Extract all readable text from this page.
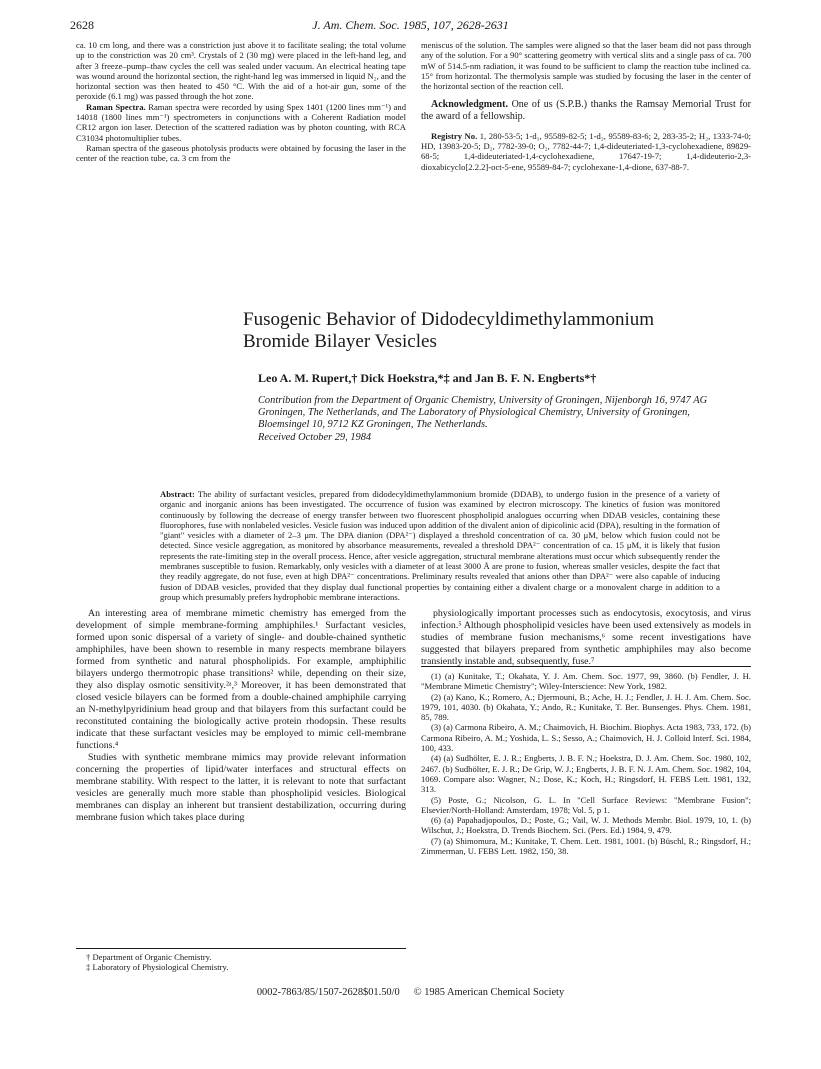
2628	J. Am. Chem. Soc. 1985, 107, 2628-2631

ca. 10 cm long, and there was a constriction just above it to facilitate sealing; the total volume up to the constriction was 20 cm³. Crystals of 2 (30 mg) were placed in the left-hand leg, and after 3 freeze–pump–thaw cycles the cell was sealed under vacuum. An electrical heating tape was wound around the horizontal section, the right-hand leg was immersed in liquid N₂, and the horizontal section was then heated to 450 °C. With the aid of a hot-air gun, some of the peroxide (6.1 mg) was passed through the hot zone.

Raman Spectra. Raman spectra were recorded by using Spex 1401 (1200 lines mm⁻¹) and 14018 (1800 lines mm⁻¹) spectrometers in conjunctions with a Coherent Radiation model CR12 argon ion laser. Detection of the scattered radiation was by photon counting, with RCA C31034 photomultiplier tubes.

Raman spectra of the gaseous photolysis products were obtained by focusing the laser in the center of the reaction tube, ca. 3 cm from the

meniscus of the solution. The samples were aligned so that the laser beam did not pass through any of the solution. For a 90° scattering geometry with vertical slits and a single pass of ca. 700 mW of 514.5-nm radiation, it was found to be sufficient to clamp the reaction tube inclined ca. 15° from horizontal. The thermolysis sample was studied by focusing the laser in the center of the horizontal section of the reaction cell.

Acknowledgment. One of us (S.P.B.) thanks the Ramsay Memorial Trust for the award of a fellowship.

Registry No. 1, 280-53-5; 1-d₁, 95589-82-5; 1-d₂, 95589-83-6; 2, 283-35-2; H₂, 1333-74-0; HD, 13983-20-5; D₂, 7782-39-0; O₂, 7782-44-7; 1,4-dideuteriated-1,3-cyclohexadiene, 89829-68-5; 1,4-dideuteriated-1,4-cyclohexadiene, 17647-19-7; 1,4-dideuterio-2,3-dioxabicyclo[2.2.2]-oct-5-ene, 95589-84-7; cyclohexane-1,4-dione, 637-88-7.

Fusogenic Behavior of Didodecyldimethylammonium Bromide Bilayer Vesicles
Leo A. M. Rupert,† Dick Hoekstra,*‡ and Jan B. F. N. Engberts*†
Contribution from the Department of Organic Chemistry, University of Groningen, Nijenborgh 16, 9747 AG Groningen, The Netherlands, and The Laboratory of Physiological Chemistry, University of Groningen, Bloemsingel 10, 9712 KZ Groningen, The Netherlands.
Received October 29, 1984
Abstract: The ability of surfactant vesicles, prepared from didodecyldimethylammonium bromide (DDAB), to undergo fusion in the presence of a variety of organic and inorganic anions has been investigated. The occurrence of fusion was examined by electron microscopy. The kinetics of fusion was monitored continuously by following the decrease of energy transfer between two fluorescent phospholipid analogues occurring when DDAB vesicles, containing these fluorophores, fuse with nonlabeled vesicles. Vesicle fusion was induced upon addition of the divalent anion of dipicolinic acid (DPA), resulting in the formation of "giant" vesicles with a diameter of 2–3 μm. The DPA dianion (DPA²⁻) displayed a threshold concentration of ca. 30 μM, below which fusion could not be detected. Since vesicle aggregation, as monitored by absorbance measurements, revealed a threshold DPA²⁻ concentration of ca. 15 μM, it is likely that fusion represents the rate-limiting step in the overall process. Hence, after vesicle aggregation, structural membrane alterations must occur which subsequently render the membranes susceptible to fusion. Remarkably, only vesicles with a diameter of at least 3000 Å are prone to fusion, whereas smaller vesicles, despite the fact that they readily aggregate, do not fuse, even at high DPA²⁻ concentrations. Preliminary results revealed that anions other than DPA²⁻ were also capable of inducing fusion of DDAB vesicles, provided that they display dual functional properties by containing either a divalent charge or a monovalent charge in addition to a group which presumably prefers hydrophobic membrane interactions.

An interesting area of membrane mimetic chemistry has emerged from the development of simple membrane-forming amphiphiles.¹ Surfactant vesicles, formed upon sonic dispersal of a variety of single- and double-chained synthetic amphiphiles, have been shown to resemble in many respects membrane bilayers formed from synthetic and natural phospholipids. For example, amphiphilic bilayers undergo thermotropic phase transitions² while, depending on their size, they also display osmotic sensitivity.²ᵃ,³ Moreover, it has been demonstrated that closed vesicle bilayers can be formed from a double-chained amphiphile carrying an N-methylpyridinium head group and that bilayers from this surfactant could be reconstituted containing the biologically active protein rhodopsin. These results indicate that these surfactant vesicles may be employed to mimic cell-membrane functions.⁴

Studies with synthetic membrane mimics may provide relevant information concerning the properties of lipid/water interfaces and structural effects on membrane stability. With respect to the latter, it is relevant to note that surfactant vesicles are generally much more stable than phospholipid vesicles. Biological membranes can display an inherent but transient destabilization, occurring during membrane fusion which takes place during

physiologically important processes such as endocytosis, exocytosis, and virus infection.⁵ Although phospholipid vesicles have been used extensively as models in studies of membrane fusion mechanisms,⁶ some recent investigations have suggested that bilayers prepared from synthetic amphiphiles may also become transiently instable and, subsequently, fuse.⁷

(1) (a) Kunitake, T.; Okahata, Y. J. Am. Chem. Soc. 1977, 99, 3860. (b) Fendler, J. H. "Membrane Mimetic Chemistry"; Wiley-Interscience: New York, 1982.

(2) (a) Kano, K.; Romero, A.; Djermouni, B.; Ache, H. J.; Fendler, J. H. J. Am. Chem. Soc. 1979, 101, 4030. (b) Okahata, Y.; Ando, R.; Kunitake, T. Ber. Bunsenges. Phys. Chem. 1981, 85, 789.

(3) (a) Carmona Ribeiro, A. M.; Chaimovich, H. Biochim. Biophys. Acta 1983, 733, 172. (b) Carmona Ribeiro, A. M.; Yoshida, L. S.; Sesso, A.; Chaimovich, H. J. Colloid Interf. Sci. 1984, 100, 433.

(4) (a) Sudhölter, E. J. R.; Engberts, J. B. F. N.; Hoekstra, D. J. Am. Chem. Soc. 1980, 102, 2467. (b) Sudhölter, E. J. R.; De Grip, W. J.; Engberts, J. B. F. N. J. Am. Chem. Soc. 1982, 104, 1069. Compare also: Wagner, N.; Dose, K.; Koch, H.; Ringsdorf, H. FEBS Lett. 1981, 132, 313.

(5) Poste, G.; Nicolson, G. L. In "Cell Surface Reviews: "Membrane Fusion"; Elsevier/North-Holland: Amsterdam, 1978; Vol. 5, p 1.

(6) (a) Papahadjopoulos, D.; Poste, G.; Vail, W. J. Methods Membr. Biol. 1979, 10, 1. (b) Wilschut, J.; Hoekstra, D. Trends Biochem. Sci. (Pers. Ed.) 1984, 9, 479.

(7) (a) Shimomura, M.; Kunitake, T. Chem. Lett. 1981, 1001. (b) Büschl, R.; Ringsdorf, H.; Zimmerman, U. FEBS Lett. 1982, 150, 38.

† Department of Organic Chemistry.

‡ Laboratory of Physiological Chemistry.

0002-7863/85/1507-2628$01.50/0 © 1985 American Chemical Society
